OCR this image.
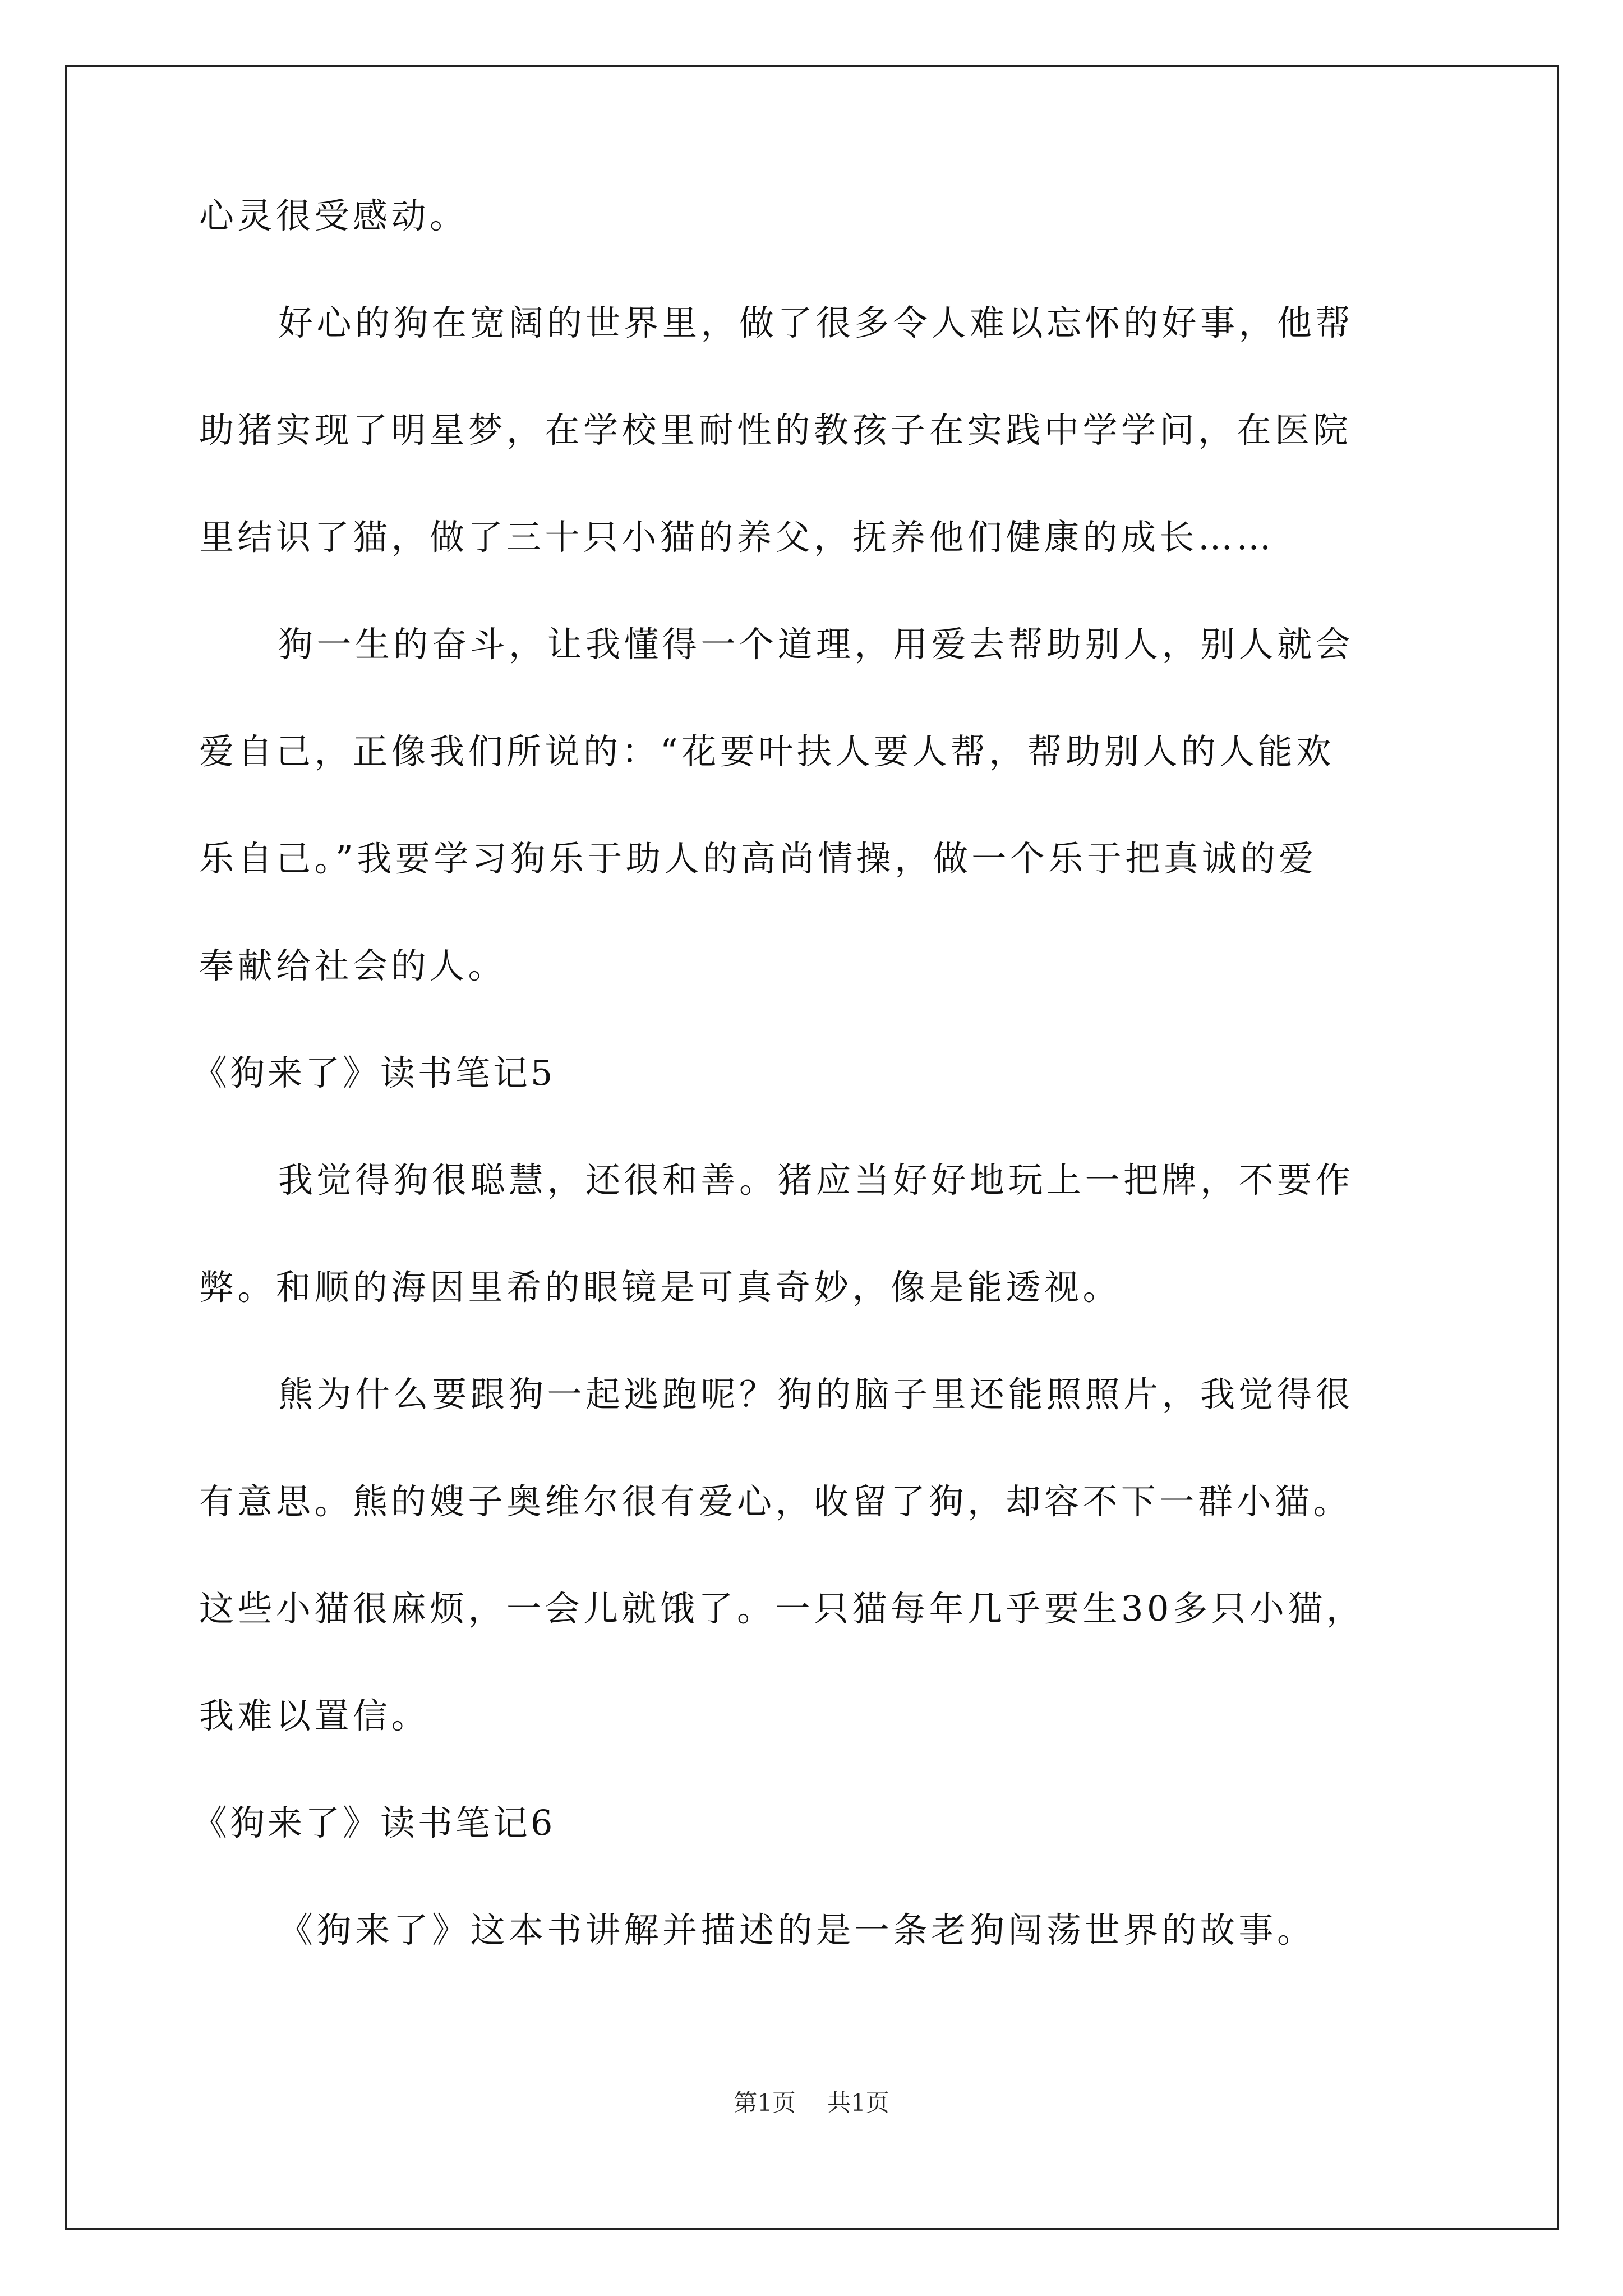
心灵很受感动。
好心的狗在宽阔的世界里，做了很多令人难以忘怀的好事，他帮
助猪实现了明星梦，在学校里耐性的教孩子在实践中学学问，在医院
里结识了猫，做了三十只小猫的养父，抚养他们健康的成长……
狗一生的奋斗，让我懂得一个道理，用爱去帮助别人，别人就会
爱自己，正像我们所说的：“花要叶扶人要人帮，帮助别人的人能欢
乐自己。”我要学习狗乐于助人的高尚情操，做一个乐于把真诚的爱
奉献给社会的人。
《狗来了》读书笔记5
我觉得狗很聪慧，还很和善。猪应当好好地玩上一把牌，不要作
弊。和顺的海因里希的眼镜是可真奇妙，像是能透视。
熊为什么要跟狗一起逃跑呢？狗的脑子里还能照照片，我觉得很
有意思。熊的嫂子奥维尔很有爱心，收留了狗，却容不下一群小猫。
这些小猫很麻烦，一会儿就饿了。一只猫每年几乎要生30多只小猫，
我难以置信。
《狗来了》读书笔记6
《狗来了》这本书讲解并描述的是一条老狗闯荡世界的故事。
第1页 共1页
